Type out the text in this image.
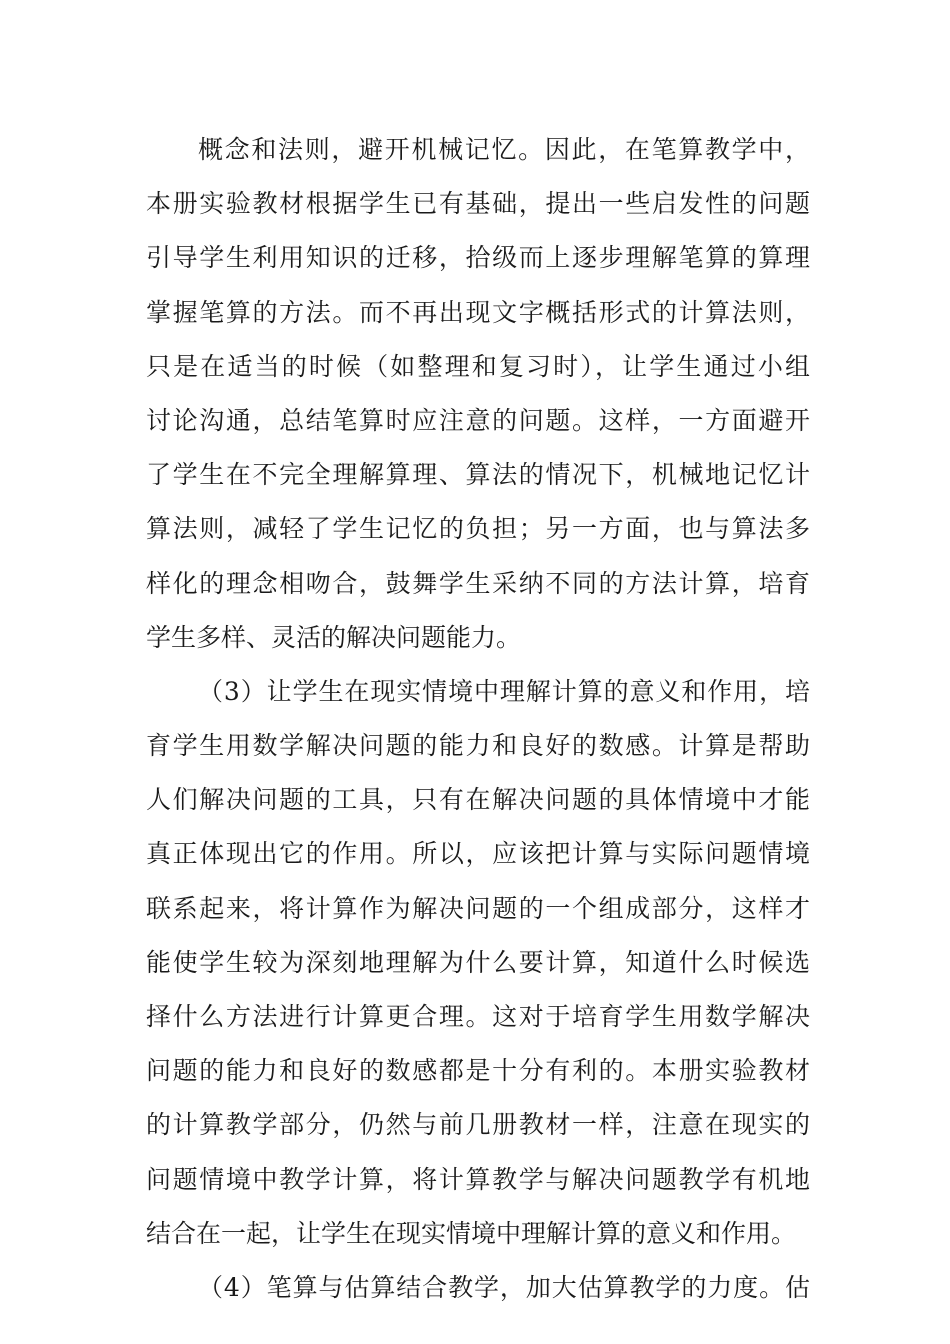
概念和法则，避开机械记忆。因此，在笔算教学中，
本册实验教材根据学生已有基础，提出一些启发性的问题
引导学生利用知识的迁移，拾级而上逐步理解笔算的算理
掌握笔算的方法。而不再出现文字概括形式的计算法则，
只是在适当的时候（如整理和复习时），让学生通过小组
讨论沟通，总结笔算时应注意的问题。这样，一方面避开
了学生在不完全理解算理、算法的情况下，机械地记忆计
算法则，减轻了学生记忆的负担；另一方面，也与算法多
样化的理念相吻合，鼓舞学生采纳不同的方法计算，培育
学生多样、灵活的解决问题能力。
（3）让学生在现实情境中理解计算的意义和作用，培
育学生用数学解决问题的能力和良好的数感。计算是帮助
人们解决问题的工具，只有在解决问题的具体情境中才能
真正体现出它的作用。所以，应该把计算与实际问题情境
联系起来，将计算作为解决问题的一个组成部分，这样才
能使学生较为深刻地理解为什么要计算，知道什么时候选
择什么方法进行计算更合理。这对于培育学生用数学解决
问题的能力和良好的数感都是十分有利的。本册实验教材
的计算教学部分，仍然与前几册教材一样，注意在现实的
问题情境中教学计算，将计算教学与解决问题教学有机地
结合在一起，让学生在现实情境中理解计算的意义和作用。
（4）笔算与估算结合教学，加大估算教学的力度。估
